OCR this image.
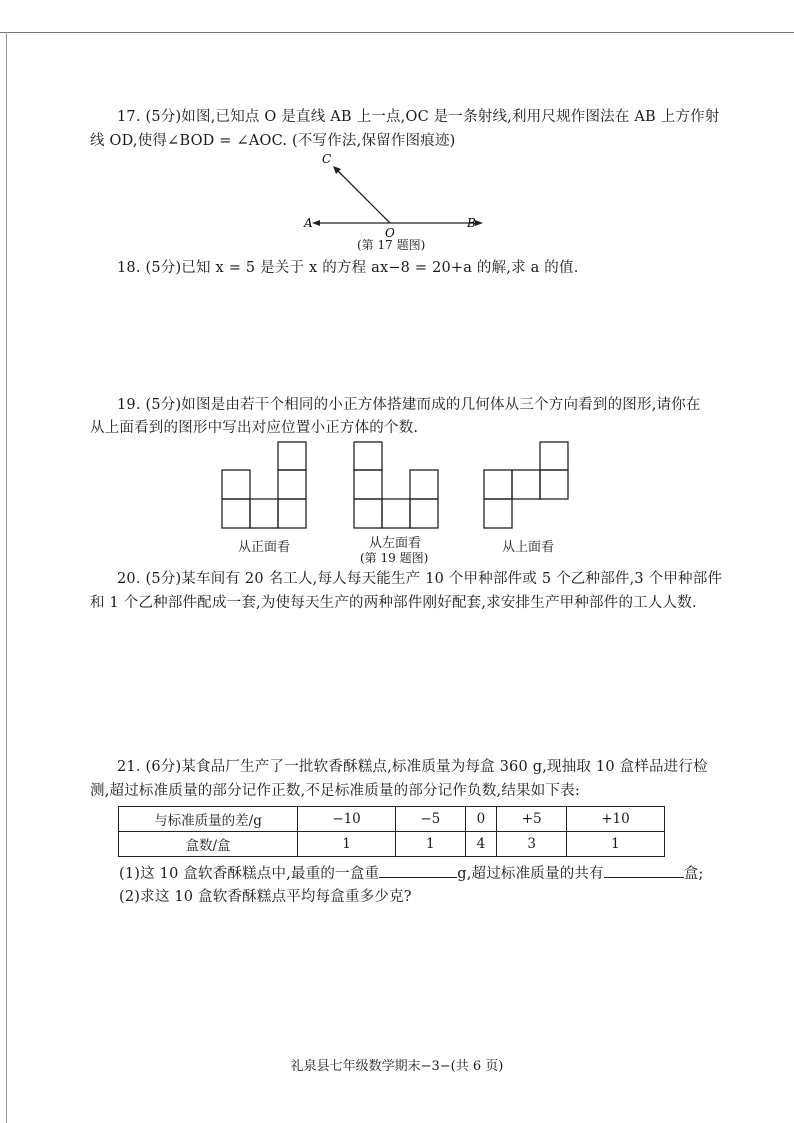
17. (5分)如图,已知点 O 是直线 AB 上一点,OC 是一条射线,利用尺规作图法在 AB 上方作射
线 OD,使得∠BOD = ∠AOC. (不写作法,保留作图痕迹)
C
A
O
B
(第 17 题图)
18. (5分)已知 x = 5 是关于 x 的方程 ax−8 = 20+a 的解,求 a 的值.
19. (5分)如图是由若干个相同的小正方体搭建而成的几何体从三个方向看到的图形,请你在
从上面看到的图形中写出对应位置小正方体的个数.
从正面看	从左面看	从上面看
(第 19 题图)
20. (5分)某车间有 20 名工人,每人每天能生产 10 个甲种部件或 5 个乙种部件,3 个甲种部件
和 1 个乙种部件配成一套,为使每天生产的两种部件刚好配套,求安排生产甲种部件的工人人数.
21. (6分)某食品厂生产了一批软香酥糕点,标准质量为每盒 360 g,现抽取 10 盒样品进行检
测,超过标准质量的部分记作正数,不足标准质量的部分记作负数,结果如下表:
与标准质量的差/g	−10	−5	0	+5	+10
盒数/盒	1	1	4	3	1
(1)这 10 盒软香酥糕点中,最重的一盒重	g,超过标准质量的共有	盒;
(2)求这 10 盒软香酥糕点平均每盒重多少克?
礼泉县七年级数学期末−3−(共 6 页)
